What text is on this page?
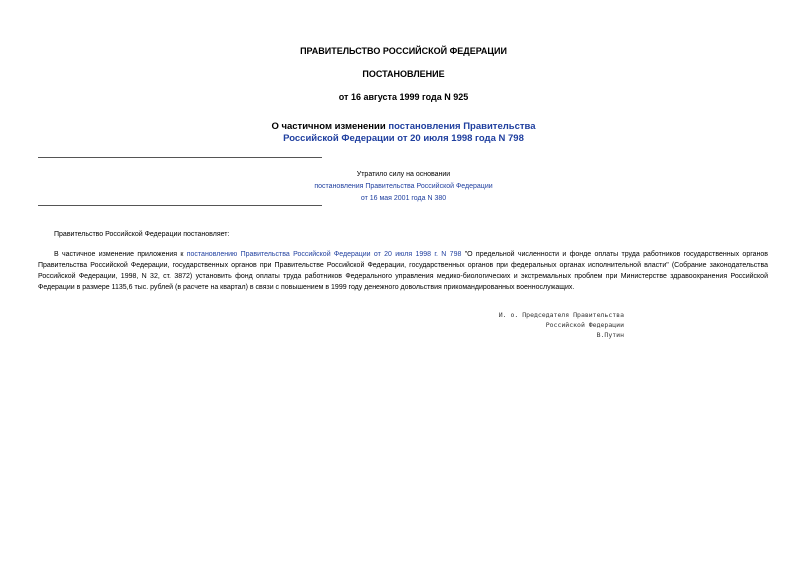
ПРАВИТЕЛЬСТВО РОССИЙСКОЙ ФЕДЕРАЦИИ
ПОСТАНОВЛЕНИЕ
от 16 августа 1999 года N 925
О частичном изменении постановления Правительства
Российской Федерации от 20 июля 1998 года N 798
Утратило силу на основании
постановления Правительства Российской Федерации
от 16 мая 2001 года N 380
Правительство Российской Федерации постановляет:
В частичное изменение приложения к постановлению Правительства Российской Федерации от 20 июля 1998 г. N 798 "О предельной численности и фонде оплаты труда работников государственных органов Правительства Российской Федерации, государственных органов при Правительстве Российской Федерации, государственных органов при федеральных органах исполнительной власти" (Собрание законодательства Российской Федерации, 1998, N 32, ст. 3872) установить фонд оплаты труда работников Федерального управления медико-биологических и экстремальных проблем при Министерстве здравоохранения Российской Федерации в размере 1135,6 тыс. рублей (в расчете на квартал) в связи с повышением в 1999 году денежного довольствия прикомандированных военнослужащих.
И. о. Председателя Правительства
Российской Федерации
В.Путин
